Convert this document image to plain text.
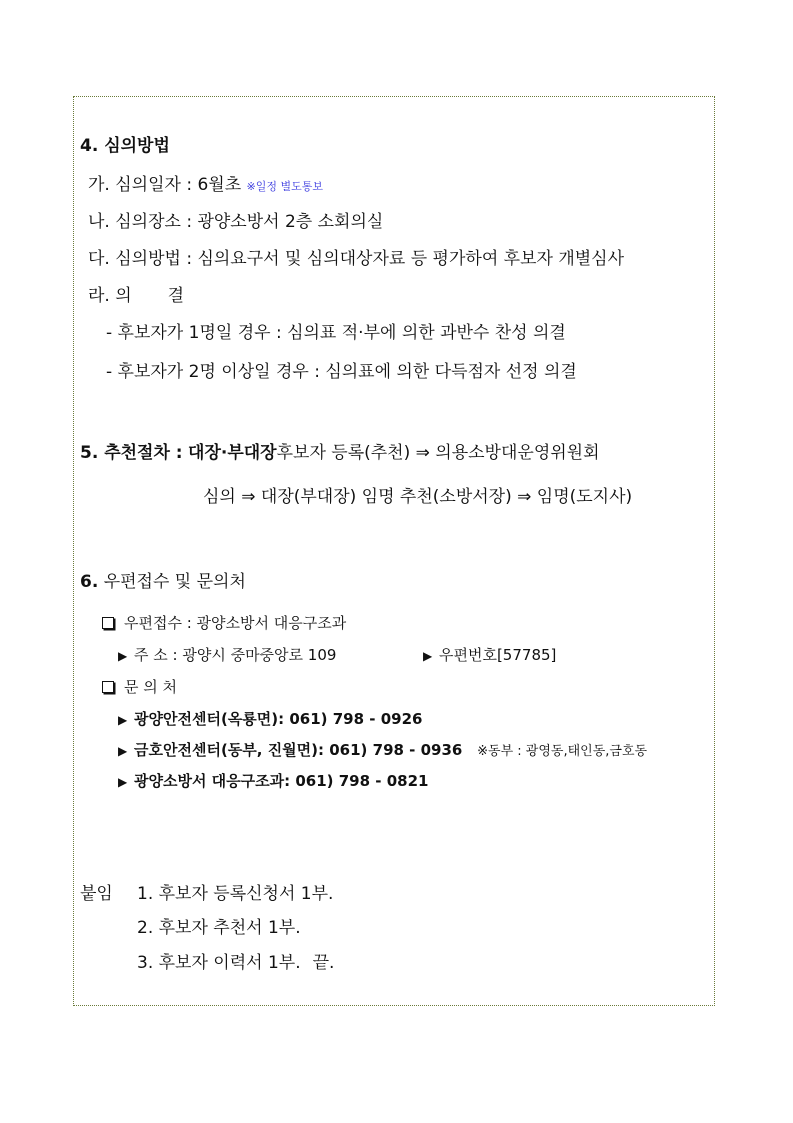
4. 심의방법
가. 심의일자 : 6월초 ※일정 별도통보
나. 심의장소 : 광양소방서 2층 소회의실
다. 심의방법 : 심의요구서 및 심의대상자료 등 평가하여 후보자 개별심사
라. 의 결
- 후보자가 1명일 경우 : 심의표 적·부에 의한 과반수 찬성 의결
- 후보자가 2명 이상일 경우 : 심의표에 의한 다득점자 선정 의결
5. 추천절차 : 대장·부대장후보자 등록(추천) ⇒ 의용소방대운영위원회
심의 ⇒ 대장(부대장) 임명 추천(소방서장) ⇒ 임명(도지사)
6. 우편접수 및 문의처
우편접수 : 광양소방서 대응구조과
▶ 주 소 : 광양시 중마중앙로 109	▶ 우편번호[57785]
문 의 처
▶ 광양안전센터(옥룡면): 061) 798 - 0926
▶ 금호안전센터(동부, 진월면): 061) 798 - 0936 ※동부 : 광영동,태인동,금호동
▶ 광양소방서 대응구조과: 061) 798 - 0821
붙임 1. 후보자 등록신청서 1부.
2. 후보자 추천서 1부.
3. 후보자 이력서 1부. 끝.
